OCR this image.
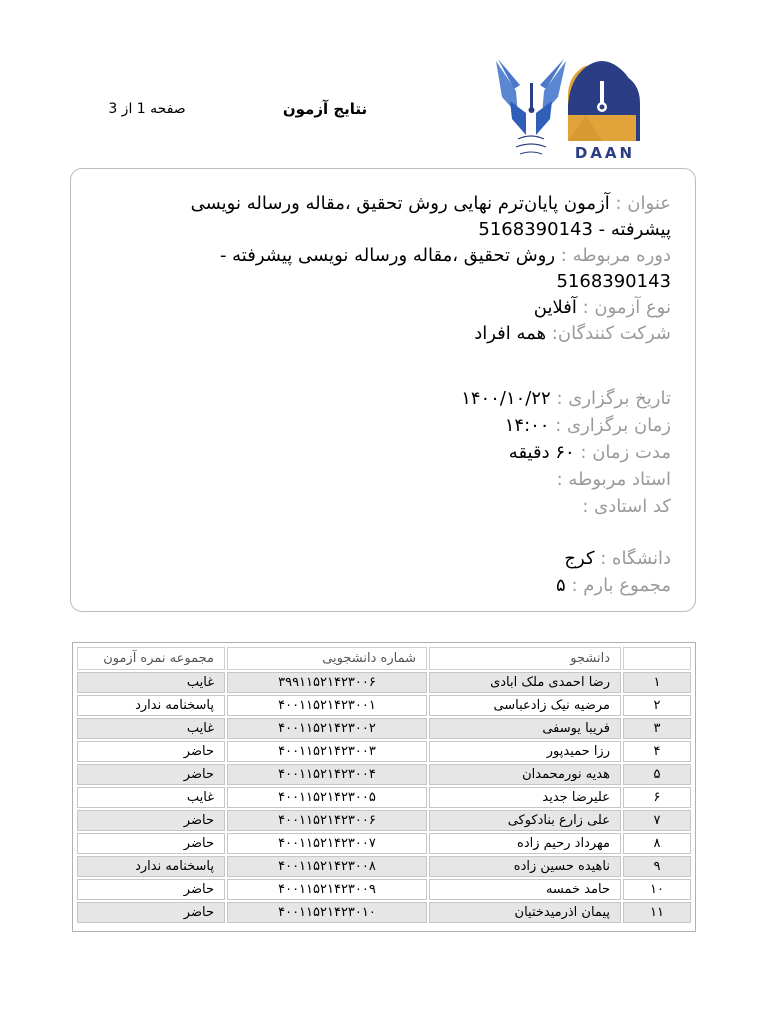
نتایج آزمون
صفحه 1 از 3
DAAN
عنوان : آزمون پایان‌ترم نهایی روش تحقیق ،مقاله ورساله نویسی پیشرفته - 5168390143
دوره مربوطه : روش تحقیق ،مقاله ورساله نویسی پیشرفته - 5168390143
نوع آزمون : آفلاین
شرکت کنندگان: همه افراد
تاریخ برگزاری : ۱۴۰۰/۱۰/۲۲
زمان برگزاری : ۱۴:۰۰
مدت زمان : ۶۰ دقیقه
استاد مربوطه :
کد استادی :
دانشگاه : کرج
مجموع بارم : ۵
	دانشجو	شماره دانشجویی	مجموعه نمره آزمون
۱	رضا احمدی ملک ابادی	۳۹۹۱۱۵۲۱۴۲۳۰۰۶	غایب
۲	مرضیه نیک زادعباسی	۴۰۰۱۱۵۲۱۴۲۳۰۰۱	پاسخنامه ندارد
۳	فریبا یوسفی	۴۰۰۱۱۵۲۱۴۲۳۰۰۲	غایب
۴	رزا حمیدپور	۴۰۰۱۱۵۲۱۴۲۳۰۰۳	حاضر
۵	هدیه نورمحمدان	۴۰۰۱۱۵۲۱۴۲۳۰۰۴	حاضر
۶	علیرضا جدید	۴۰۰۱۱۵۲۱۴۲۳۰۰۵	غایب
۷	علی زارع بنادکوکی	۴۰۰۱۱۵۲۱۴۲۳۰۰۶	حاضر
۸	مهرداد رحیم زاده	۴۰۰۱۱۵۲۱۴۲۳۰۰۷	حاضر
۹	ناهیده حسین زاده	۴۰۰۱۱۵۲۱۴۲۳۰۰۸	پاسخنامه ندارد
۱۰	حامد خمسه	۴۰۰۱۱۵۲۱۴۲۳۰۰۹	حاضر
۱۱	پیمان اذرمیدختیان	۴۰۰۱۱۵۲۱۴۲۳۰۱۰	حاضر
